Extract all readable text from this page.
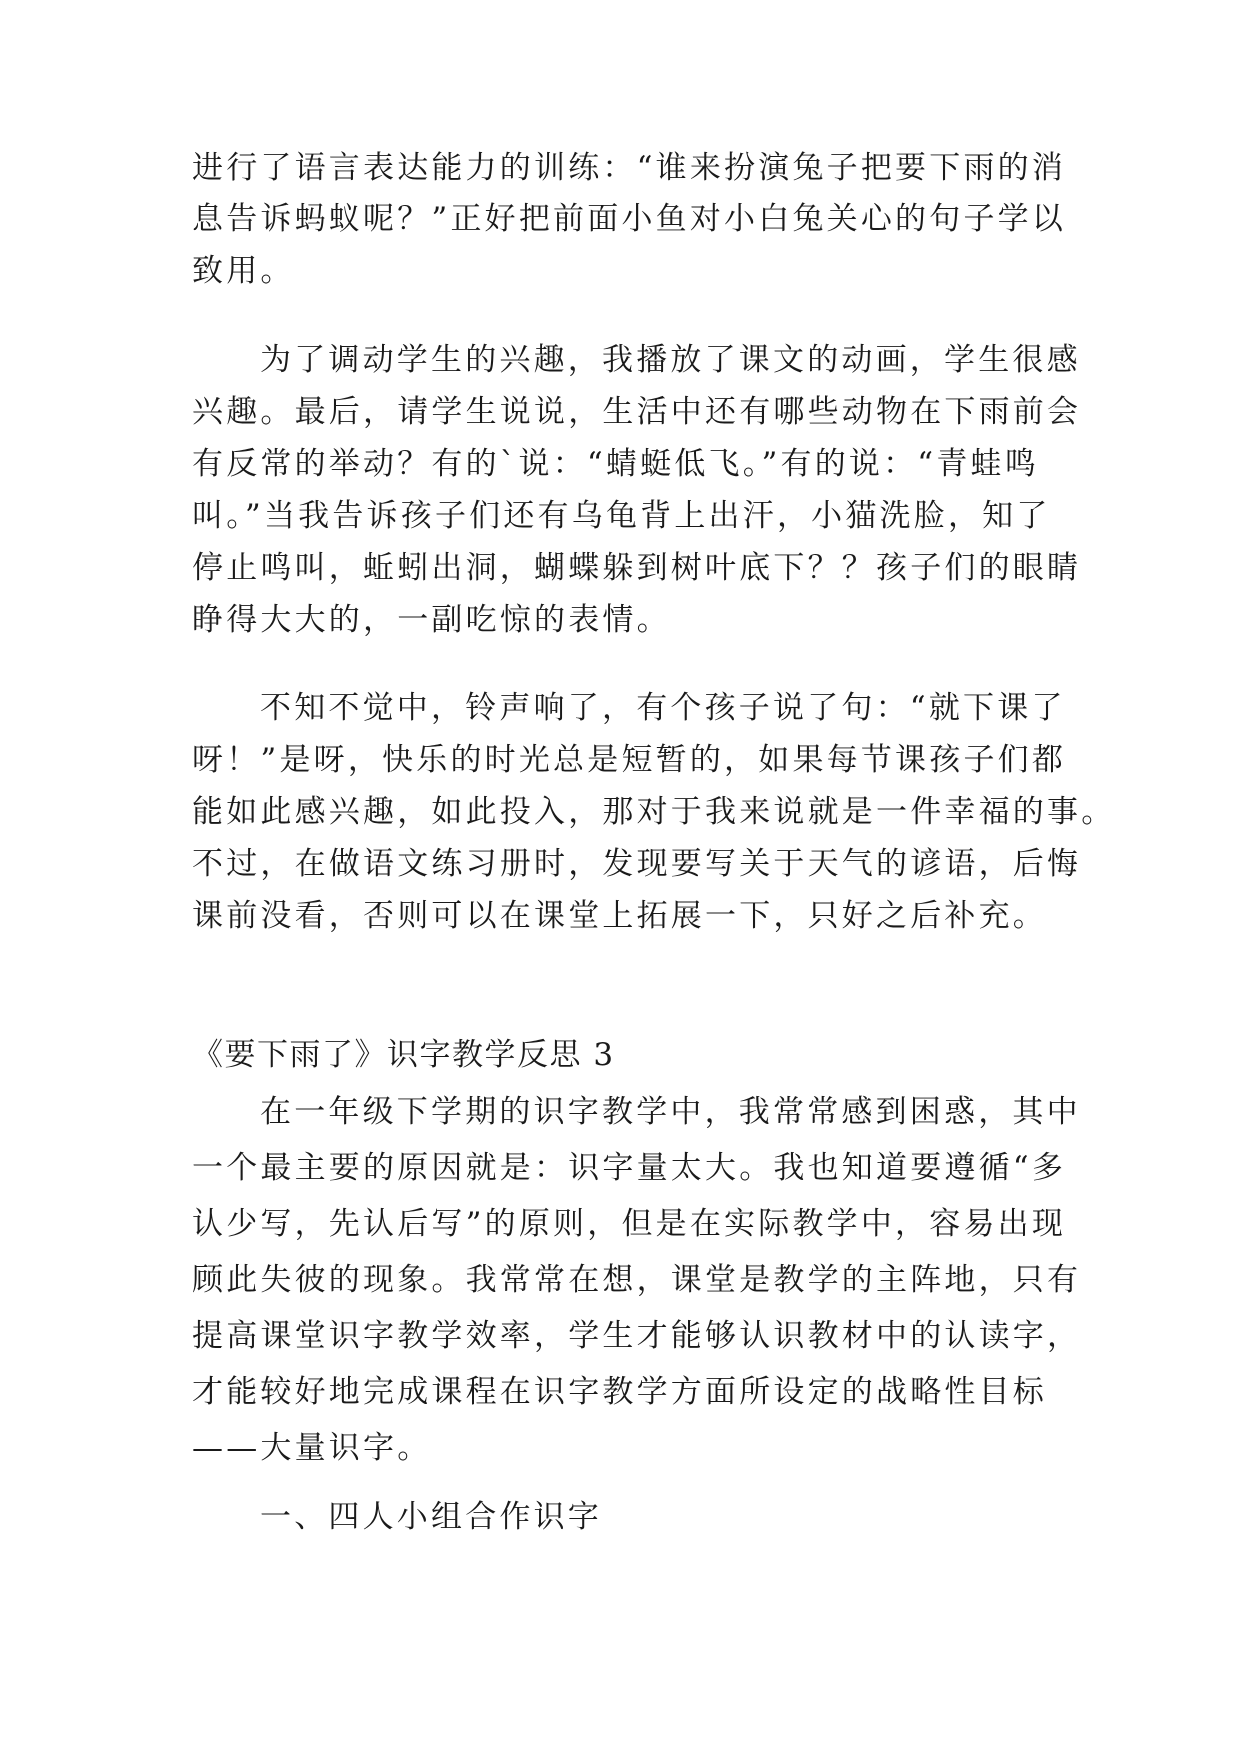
进行了语言表达能力的训练：“谁来扮演兔子把要下雨的消
息告诉蚂蚁呢？”正好把前面小鱼对小白兔关心的句子学以
致用。
为了调动学生的兴趣，我播放了课文的动画，学生很感
兴趣。最后，请学生说说，生活中还有哪些动物在下雨前会
有反常的举动？有的`说：“蜻蜓低飞。”有的说：“青蛙鸣
叫。”当我告诉孩子们还有乌龟背上出汗，小猫洗脸，知了
停止鸣叫，蚯蚓出洞，蝴蝶躲到树叶底下？？孩子们的眼睛
睁得大大的，一副吃惊的表情。
不知不觉中，铃声响了，有个孩子说了句：“就下课了
呀！”是呀，快乐的时光总是短暂的，如果每节课孩子们都
能如此感兴趣，如此投入，那对于我来说就是一件幸福的事。
不过，在做语文练习册时，发现要写关于天气的谚语，后悔
课前没看，否则可以在课堂上拓展一下，只好之后补充。
《要下雨了》识字教学反思 3
在一年级下学期的识字教学中，我常常感到困惑，其中
一个最主要的原因就是：识字量太大。我也知道要遵循“多
认少写，先认后写”的原则，但是在实际教学中，容易出现
顾此失彼的现象。我常常在想，课堂是教学的主阵地，只有
提高课堂识字教学效率，学生才能够认识教材中的认读字，
才能较好地完成课程在识字教学方面所设定的战略性目标
——大量识字。
一、四人小组合作识字
